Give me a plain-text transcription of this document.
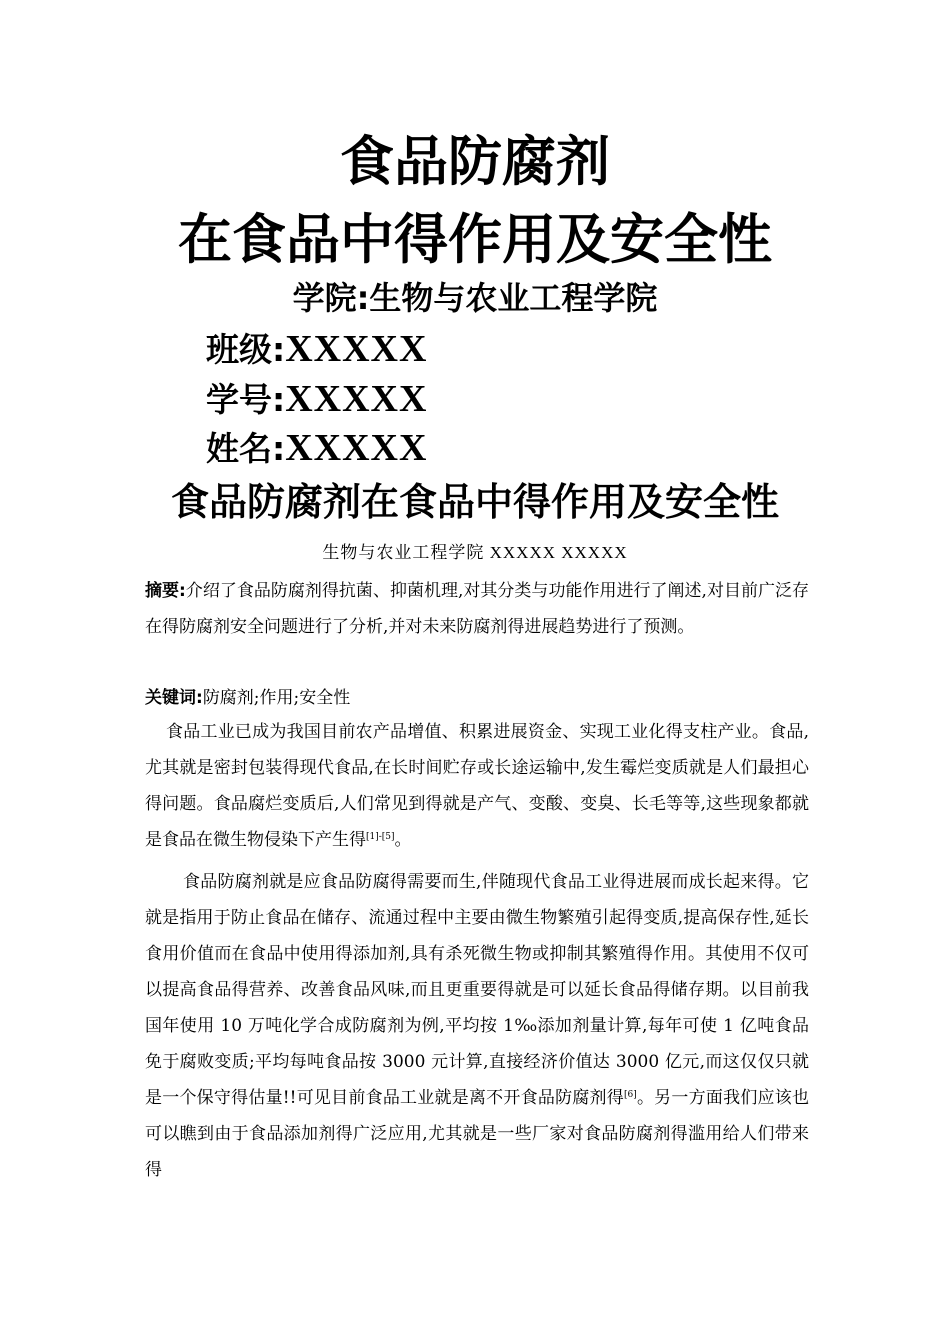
食品防腐剂
在食品中得作用及安全性
学院:生物与农业工程学院
班级:XXXXX
学号:XXXXX
姓名:XXXXX
食品防腐剂在食品中得作用及安全性
生物与农业工程学院 XXXXX XXXXX
摘要:介绍了食品防腐剂得抗菌、抑菌机理,对其分类与功能作用进行了阐述,对目前广泛存在得防腐剂安全问题进行了分析,并对未来防腐剂得进展趋势进行了预测。
关键词:防腐剂;作用;安全性
食品工业已成为我国目前农产品增值、积累进展资金、实现工业化得支柱产业。食品,尤其就是密封包装得现代食品,在长时间贮存或长途运输中,发生霉烂变质就是人们最担心得问题。食品腐烂变质后,人们常见到得就是产气、变酸、变臭、长毛等等,这些现象都就是食品在微生物侵染下产生得[1]-[5]。
食品防腐剂就是应食品防腐得需要而生,伴随现代食品工业得进展而成长起来得。它就是指用于防止食品在储存、流通过程中主要由微生物繁殖引起得变质,提高保存性,延长食用价值而在食品中使用得添加剂,具有杀死微生物或抑制其繁殖得作用。其使用不仅可以提高食品得营养、改善食品风味,而且更重要得就是可以延长食品得储存期。以目前我国年使用 10 万吨化学合成防腐剂为例,平均按 1‰添加剂量计算,每年可使 1 亿吨食品免于腐败变质;平均每吨食品按 3000 元计算,直接经济价值达 3000 亿元,而这仅仅只就是一个保守得估量!!可见目前食品工业就是离不开食品防腐剂得[6]。另一方面我们应该也可以瞧到由于食品添加剂得广泛应用,尤其就是一些厂家对食品防腐剂得滥用给人们带来得
